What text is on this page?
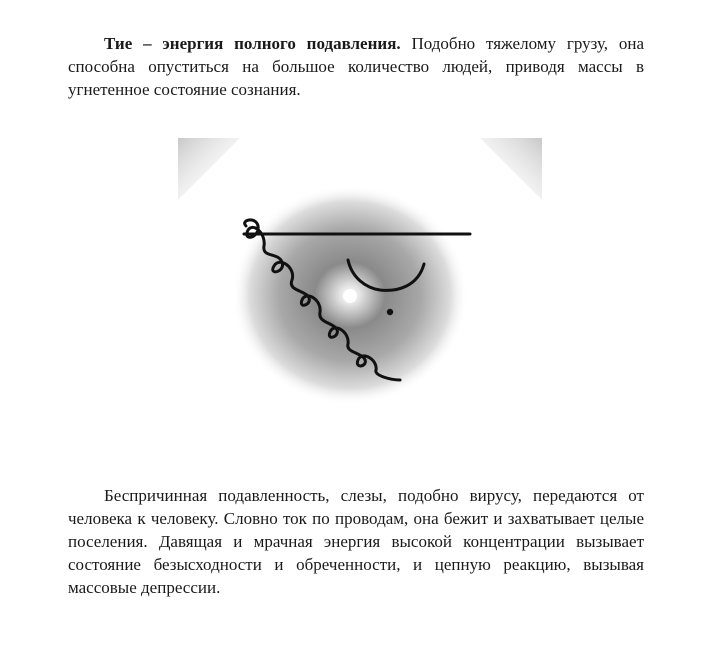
Тие – энергия полного подавления. Подобно тяжелому грузу, она способна опуститься на большое количество людей, приводя массы в угнетенное состояние сознания.

Беспричинная подавленность, слезы, подобно вирусу, передаются от человека к человеку. Словно ток по проводам, она бежит и захватывает целые поселения. Давящая и мрачная энергия высокой концентрации вызывает состояние безысходности и обреченности, и цепную реакцию, вызывая массовые депрессии.
